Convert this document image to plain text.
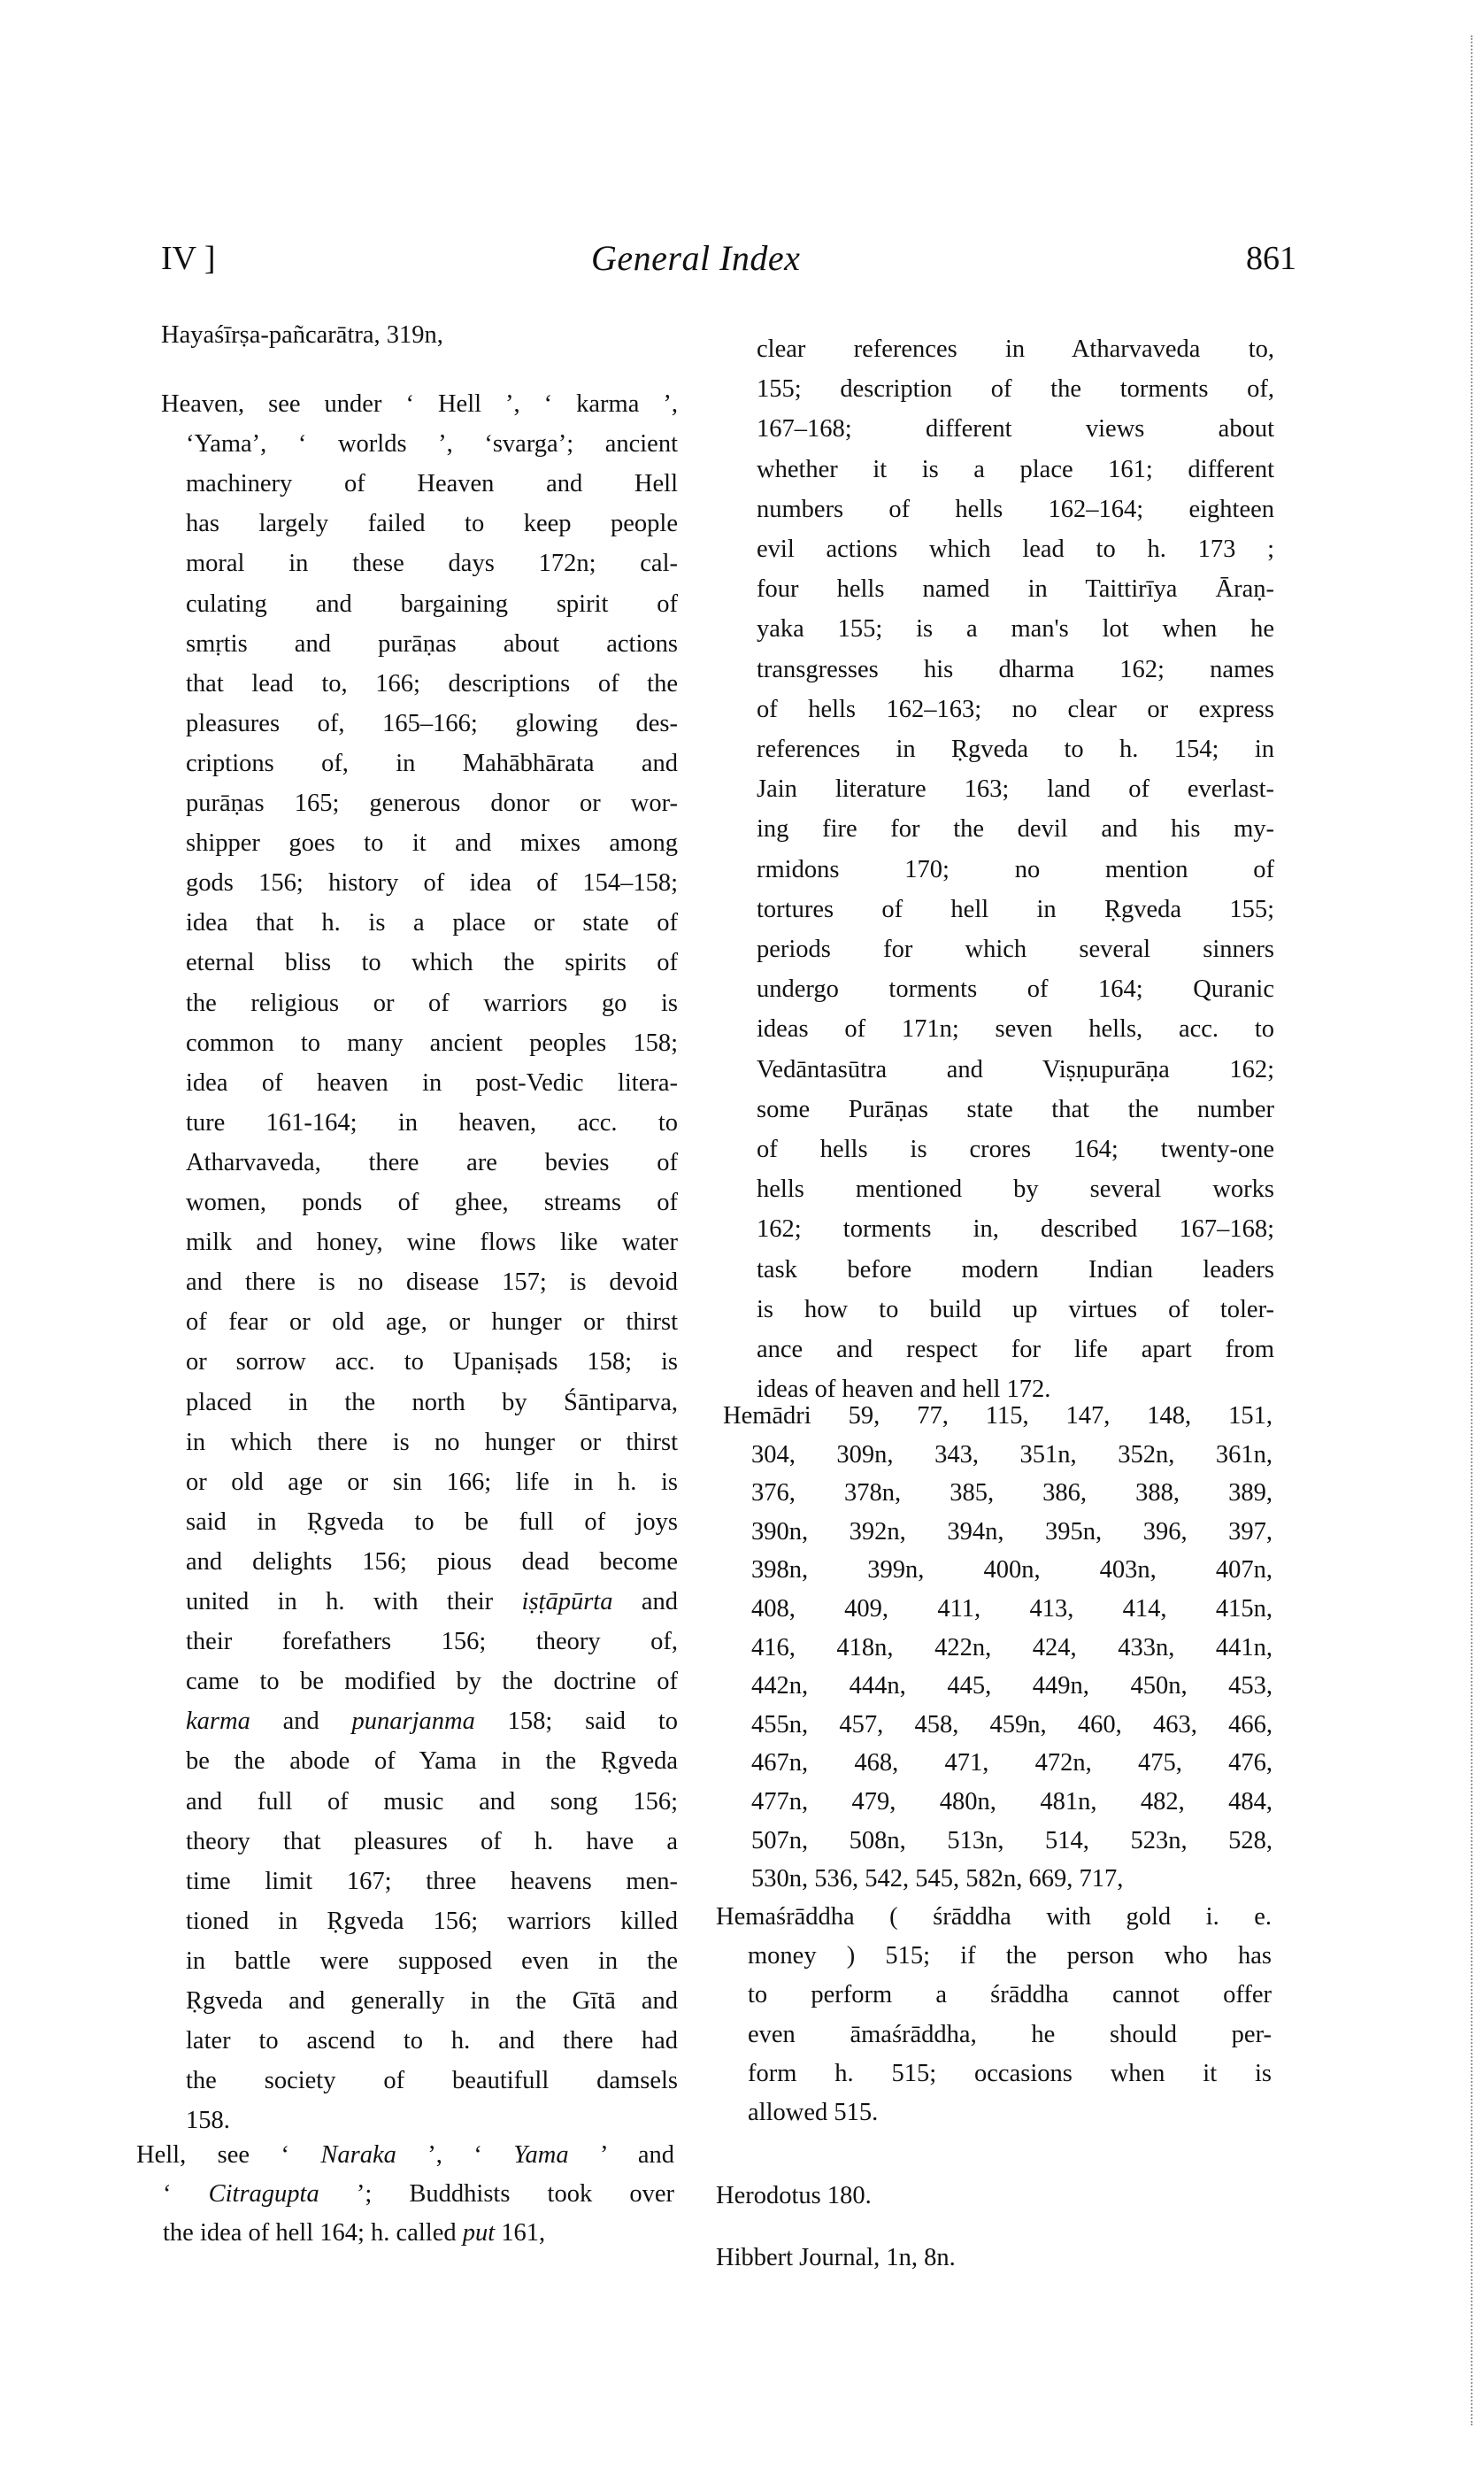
IV ]	General Index	861
Hayaśīrṣa-pañcarātra, 319n,
Heaven, see under ‘ Hell ’, ‘ karma ’,
‘Yama’, ‘ worlds ’, ‘svarga’; ancient
machinery of Heaven and Hell
has largely failed to keep people
moral in these days 172n; cal-
culating and bargaining spirit of
smṛtis and purāṇas about actions
that lead to, 166; descriptions of the
pleasures of, 165–166; glowing des-
criptions of, in Mahābhārata and
purāṇas 165; generous donor or wor-
shipper goes to it and mixes among
gods 156; history of idea of 154–158;
idea that h. is a place or state of
eternal bliss to which the spirits of
the religious or of warriors go is
common to many ancient peoples 158;
idea of heaven in post-Vedic litera-
ture 161-164; in heaven, acc. to
Atharvaveda, there are bevies of
women, ponds of ghee, streams of
milk and honey, wine flows like water
and there is no disease 157; is devoid
of fear or old age, or hunger or thirst
or sorrow acc. to Upaniṣads 158; is
placed in the north by Śāntiparva,
in which there is no hunger or thirst
or old age or sin 166; life in h. is
said in Ṛgveda to be full of joys
and delights 156; pious dead become
united in h. with their iṣṭāpūrta and
their forefathers 156; theory of,
came to be modified by the doctrine of
karma and punarjanma 158; said to
be the abode of Yama in the Ṛgveda
and full of music and song 156;
theory that pleasures of h. have a
time limit 167; three heavens men-
tioned in Ṛgveda 156; warriors killed
in battle were supposed even in the
Ṛgveda and generally in the Gītā and
later to ascend to h. and there had
the society of beautifull damsels
158.
Hell, see ‘ Naraka ’, ‘ Yama ’ and
‘ Citragupta ’; Buddhists took over
the idea of hell 164; h. called put 161,
clear references in Atharvaveda to,
155; description of the torments of,
167–168; different views about
whether it is a place 161; different
numbers of hells 162–164; eighteen
evil actions which lead to h. 173 ;
four hells named in Taittirīya Āraṇ-
yaka 155; is a man's lot when he
transgresses his dharma 162; names
of hells 162–163; no clear or express
references in Ṛgveda to h. 154; in
Jain literature 163; land of everlast-
ing fire for the devil and his my-
rmidons 170; no mention of
tortures of hell in Ṛgveda 155;
periods for which several sinners
undergo torments of 164; Quranic
ideas of 171n; seven hells, acc. to
Vedāntasūtra and Viṣṇupurāṇa 162;
some Purāṇas state that the number
of hells is crores 164; twenty-one
hells mentioned by several works
162; torments in, described 167–168;
task before modern Indian leaders
is how to build up virtues of toler-
ance and respect for life apart from
ideas of heaven and hell 172.
Hemādri 59, 77, 115, 147, 148, 151,
304, 309n, 343, 351n, 352n, 361n,
376, 378n, 385, 386, 388, 389,
390n, 392n, 394n, 395n, 396, 397,
398n, 399n, 400n, 403n, 407n,
408, 409, 411, 413, 414, 415n,
416, 418n, 422n, 424, 433n, 441n,
442n, 444n, 445, 449n, 450n, 453,
455n, 457, 458, 459n, 460, 463, 466,
467n, 468, 471, 472n, 475, 476,
477n, 479, 480n, 481n, 482, 484,
507n, 508n, 513n, 514, 523n, 528,
530n, 536, 542, 545, 582n, 669, 717,
Hemaśrāddha ( śrāddha with gold i. e.
money ) 515; if the person who has
to perform a śrāddha cannot offer
even āmaśrāddha, he should per-
form h. 515; occasions when it is
allowed 515.
Herodotus 180.
Hibbert Journal, 1n, 8n.
